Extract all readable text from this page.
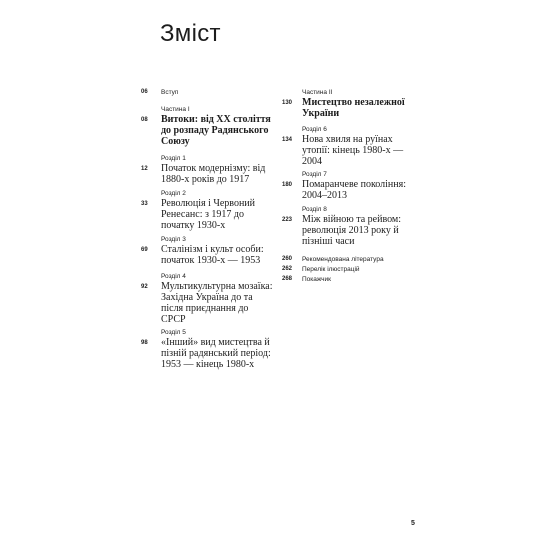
Зміст
06 Вступ
Частина І
08 Витоки: від XX століття до розпаду Радянського Союзу
Розділ 1
12 Початок модернізму: від 1880-х років до 1917
Розділ 2
33 Революція і Червоний Ренесанс: з 1917 до початку 1930-х
Розділ 3
69 Сталінізм і культ особи: початок 1930-х — 1953
Розділ 4
92 Мультикультурна мозаїка: Західна Україна до та після приєднання до СРСР
Розділ 5
98 «Інший» вид мистецтва й пізній радянський період: 1953 — кінець 1980-х
Частина ІІ
130 Мистецтво незалежної України
Розділ 6
134 Нова хвиля на руїнах утопії: кінець 1980-х — 2004
Розділ 7
180 Помаранчеве покоління: 2004–2013
Розділ 8
223 Між війною та рейвом: революція 2013 року й пізніші часи
260 Рекомендована література
262 Перелік ілюстрацій
268 Покажчик
5
